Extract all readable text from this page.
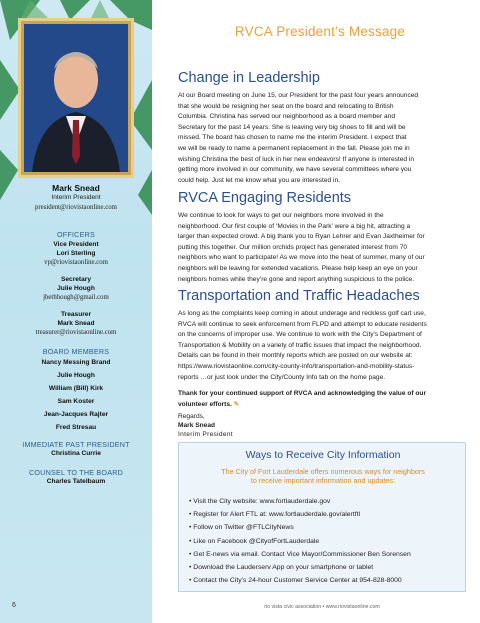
Mark Snead
Interim President
president@riovistaonline.com
OFFICERS
Vice President
Lori Sterling
vp@riovistaonline.com
Secretary
Julie Hough
jbethhough@gmail.com
Treasurer
Mark Snead
treasurer@riovistaonline.com
BOARD MEMBERS
Nancy Messing Brand
Julie Hough
William (Bill) Kirk
Sam Koster
Jean-Jacques Rajter
Fred Stresau
IMMEDIATE PAST PRESIDENT
Christina Currie
COUNSEL TO THE BOARD
Charles Tatelbaum
RVCA President’s Message
Change in Leadership
At our Board meeting on June 15, our President for the past four years announced
that she would be resigning her seat on the board and relocating to British
Columbia. Christina has served our neighborhood as a board member and
Secretary for the past 14 years. She is leaving very big shoes to fill and will be
missed. The board has chosen to name me the interim President. I expect that
we will be ready to name a permanent replacement in the fall. Please join me in
wishing Christina the best of luck in her new endeavors! If anyone is interested in
getting more involved in our community, we have several committees where you
could help. Just let me know what you are interested in.
RVCA Engaging Residents
We continue to look for ways to get our neighbors more involved in the
neighborhood. Our first couple of ‘Movies in the Park’ were a big hit, attracting a
larger than expected crowd. A big thank you to Ryan Lehrer and Evan Jaxtheimer for
putting this together. Our million orchids project has generated interest from 70
neighbors who want to participate! As we move into the heat of summer, many of our
neighbors will be leaving for extended vacations. Please help keep an eye on your
neighbors homes while they’re gone and report anything suspicious to the police.
Transportation and Traffic Headaches
As long as the complaints keep coming in about underage and reckless golf cart use,
RVCA will continue to seek enforcement from FLPD and attempt to educate residents
on the concerns of improper use. We continue to work with the City’s Department of
Transportation & Mobility on a variety of traffic issues that impact the neighborhood.
Details can be found in their monthly reports which are posted on our website at:
https://www.riovistaonline.com/city-county-info/transportation-and-mobility-status-
reports …or just look under the City/County Info tab on the home page.
Thank for your continued support of RVCA and acknowledging the value of our
volunteer efforts. ✎
Regards,
Mark Snead
Interim President
Ways to Receive City Information
The City of Fort Lauderdale offers numerous ways for neighbors
to receive important information and updates:
• Visit the City website: www.fortlauderdale.gov
• Register for Alert FTL at: www.fortlauderdale.gov/alertftl
• Follow on Twitter @FTLCityNews
• Like on Facebook @CityofFortLauderdale
• Get E-news via email. Contact Vice Mayor/Commissioner Ben Sorensen
• Download the Lauderserv App on your smartphone or tablet
• Contact the City’s 24-hour Customer Service Center at 954-828-8000
6	rio vista civic association • www.riovistaonline.com
